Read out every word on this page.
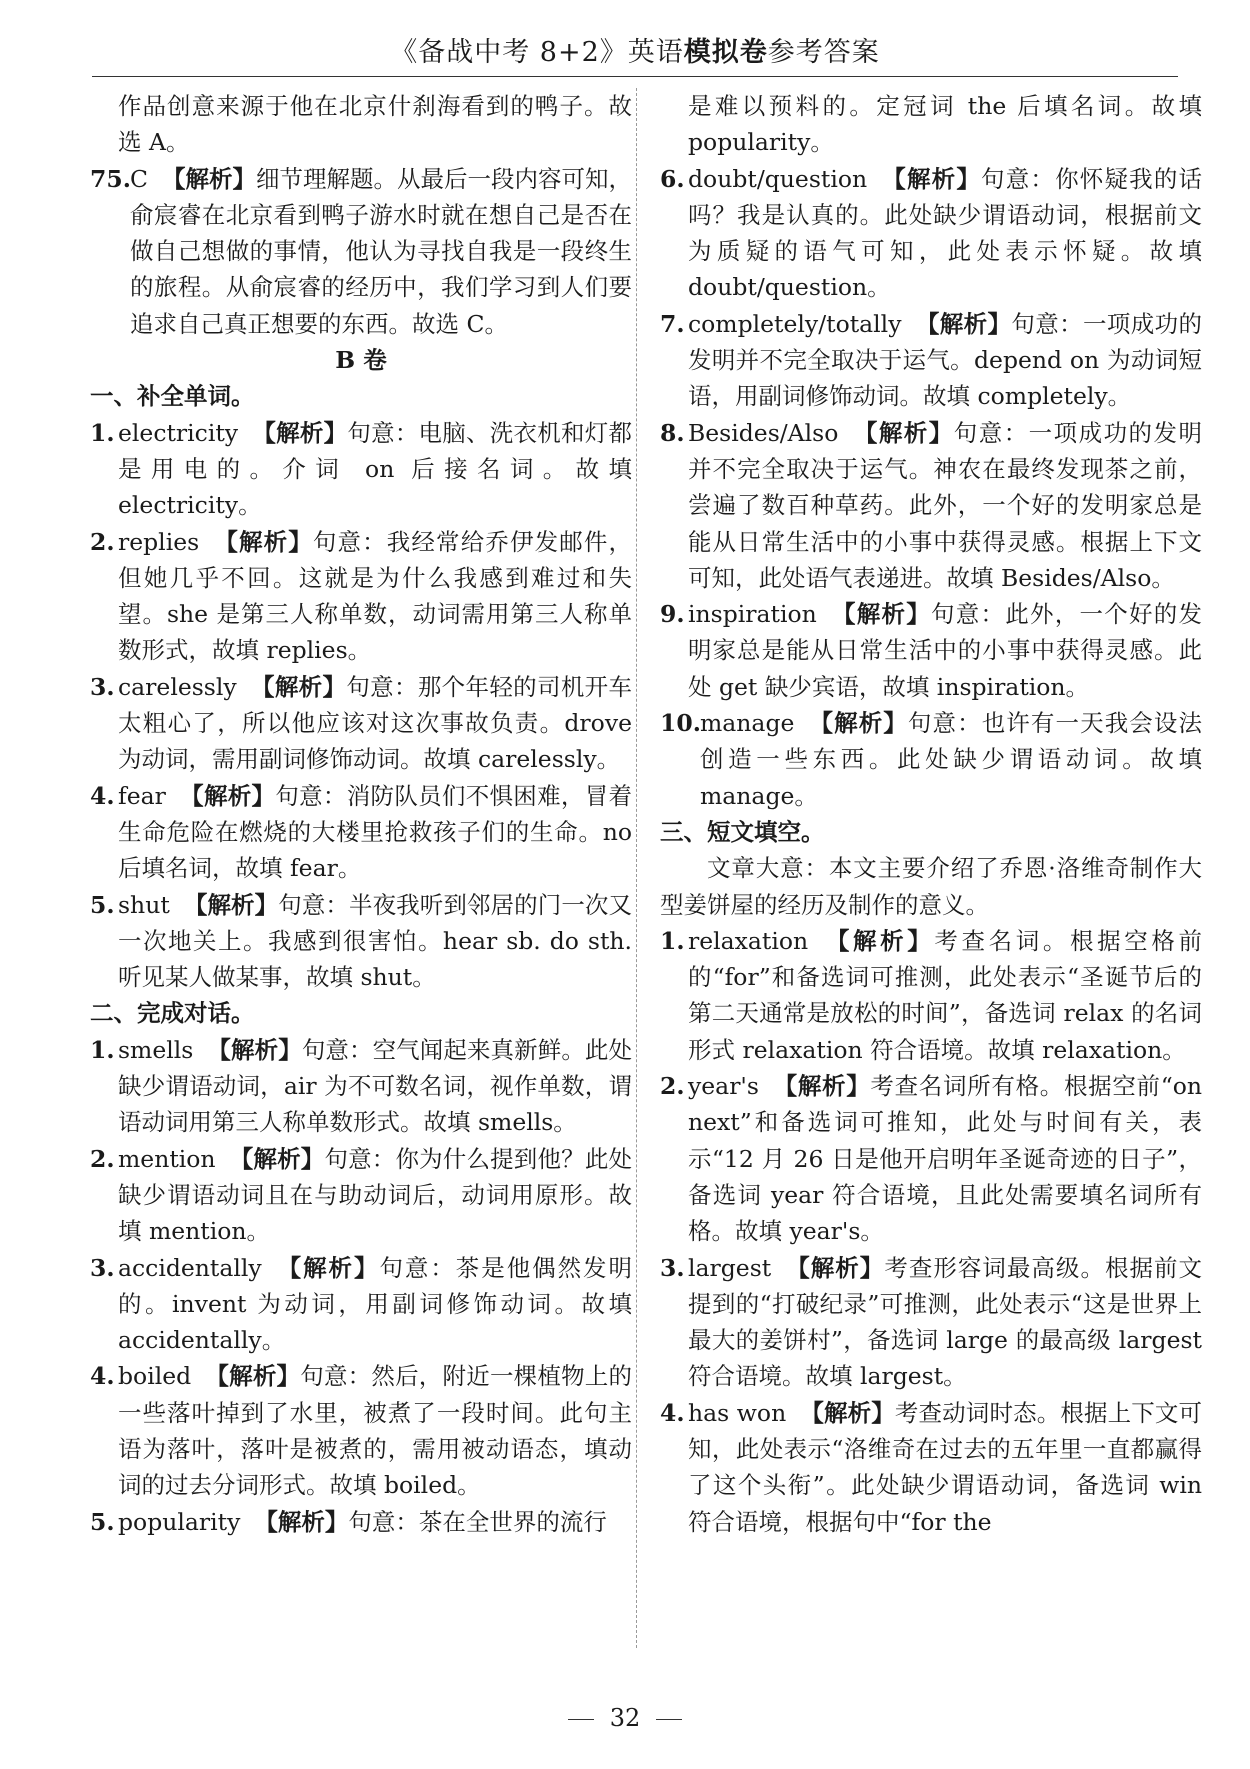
《备战中考 8+2》英语模拟卷参考答案

作品创意来源于他在北京什刹海看到的鸭子。故选 A。

75. C 【解析】细节理解题。从最后一段内容可知，俞宸睿在北京看到鸭子游水时就在想自己是否在做自己想做的事情，他认为寻找自我是一段终生的旅程。从俞宸睿的经历中，我们学习到人们要追求自己真正想要的东西。故选 C。

B 卷

一、补全单词。

1. electricity 【解析】句意：电脑、洗衣机和灯都是用电的。介词 on 后接名词。故填 electricity。

2. replies 【解析】句意：我经常给乔伊发邮件，但她几乎不回。这就是为什么我感到难过和失望。she 是第三人称单数，动词需用第三人称单数形式，故填 replies。

3. carelessly 【解析】句意：那个年轻的司机开车太粗心了，所以他应该对这次事故负责。drove 为动词，需用副词修饰动词。故填 carelessly。

4. fear 【解析】句意：消防队员们不惧困难，冒着生命危险在燃烧的大楼里抢救孩子们的生命。no 后填名词，故填 fear。

5. shut 【解析】句意：半夜我听到邻居的门一次又一次地关上。我感到很害怕。hear sb. do sth. 听见某人做某事，故填 shut。

二、完成对话。

1. smells 【解析】句意：空气闻起来真新鲜。此处缺少谓语动词，air 为不可数名词，视作单数，谓语动词用第三人称单数形式。故填 smells。

2. mention 【解析】句意：你为什么提到他？此处缺少谓语动词且在与助动词后，动词用原形。故填 mention。

3. accidentally 【解析】句意：茶是他偶然发明的。invent 为动词，用副词修饰动词。故填 accidentally。

4. boiled 【解析】句意：然后，附近一棵植物上的一些落叶掉到了水里，被煮了一段时间。此句主语为落叶，落叶是被煮的，需用被动语态，填动词的过去分词形式。故填 boiled。

5. popularity 【解析】句意：茶在全世界的流行

是难以预料的。定冠词 the 后填名词。故填 popularity。

6. doubt/question 【解析】句意：你怀疑我的话吗？我是认真的。此处缺少谓语动词，根据前文为质疑的语气可知，此处表示怀疑。故填 doubt/question。

7. completely/totally 【解析】句意：一项成功的发明并不完全取决于运气。depend on 为动词短语，用副词修饰动词。故填 completely。

8. Besides/Also 【解析】句意：一项成功的发明并不完全取决于运气。神农在最终发现茶之前，尝遍了数百种草药。此外，一个好的发明家总是能从日常生活中的小事中获得灵感。根据上下文可知，此处语气表递进。故填 Besides/Also。

9. inspiration 【解析】句意：此外，一个好的发明家总是能从日常生活中的小事中获得灵感。此处 get 缺少宾语，故填 inspiration。

10. manage 【解析】句意：也许有一天我会设法创造一些东西。此处缺少谓语动词。故填 manage。

三、短文填空。

文章大意：本文主要介绍了乔恩·洛维奇制作大型姜饼屋的经历及制作的意义。

1. relaxation 【解析】考查名词。根据空格前的“for”和备选词可推测，此处表示“圣诞节后的第二天通常是放松的时间”，备选词 relax 的名词形式 relaxation 符合语境。故填 relaxation。

2. year's 【解析】考查名词所有格。根据空前“on next”和备选词可推知，此处与时间有关，表示“12 月 26 日是他开启明年圣诞奇迹的日子”，备选词 year 符合语境，且此处需要填名词所有格。故填 year's。

3. largest 【解析】考查形容词最高级。根据前文提到的“打破纪录”可推测，此处表示“这是世界上最大的姜饼村”，备选词 large 的最高级 largest 符合语境。故填 largest。

4. has won 【解析】考查动词时态。根据上下文可知，此处表示“洛维奇在过去的五年里一直都赢得了这个头衔”。此处缺少谓语动词，备选词 win 符合语境，根据句中“for the

32
